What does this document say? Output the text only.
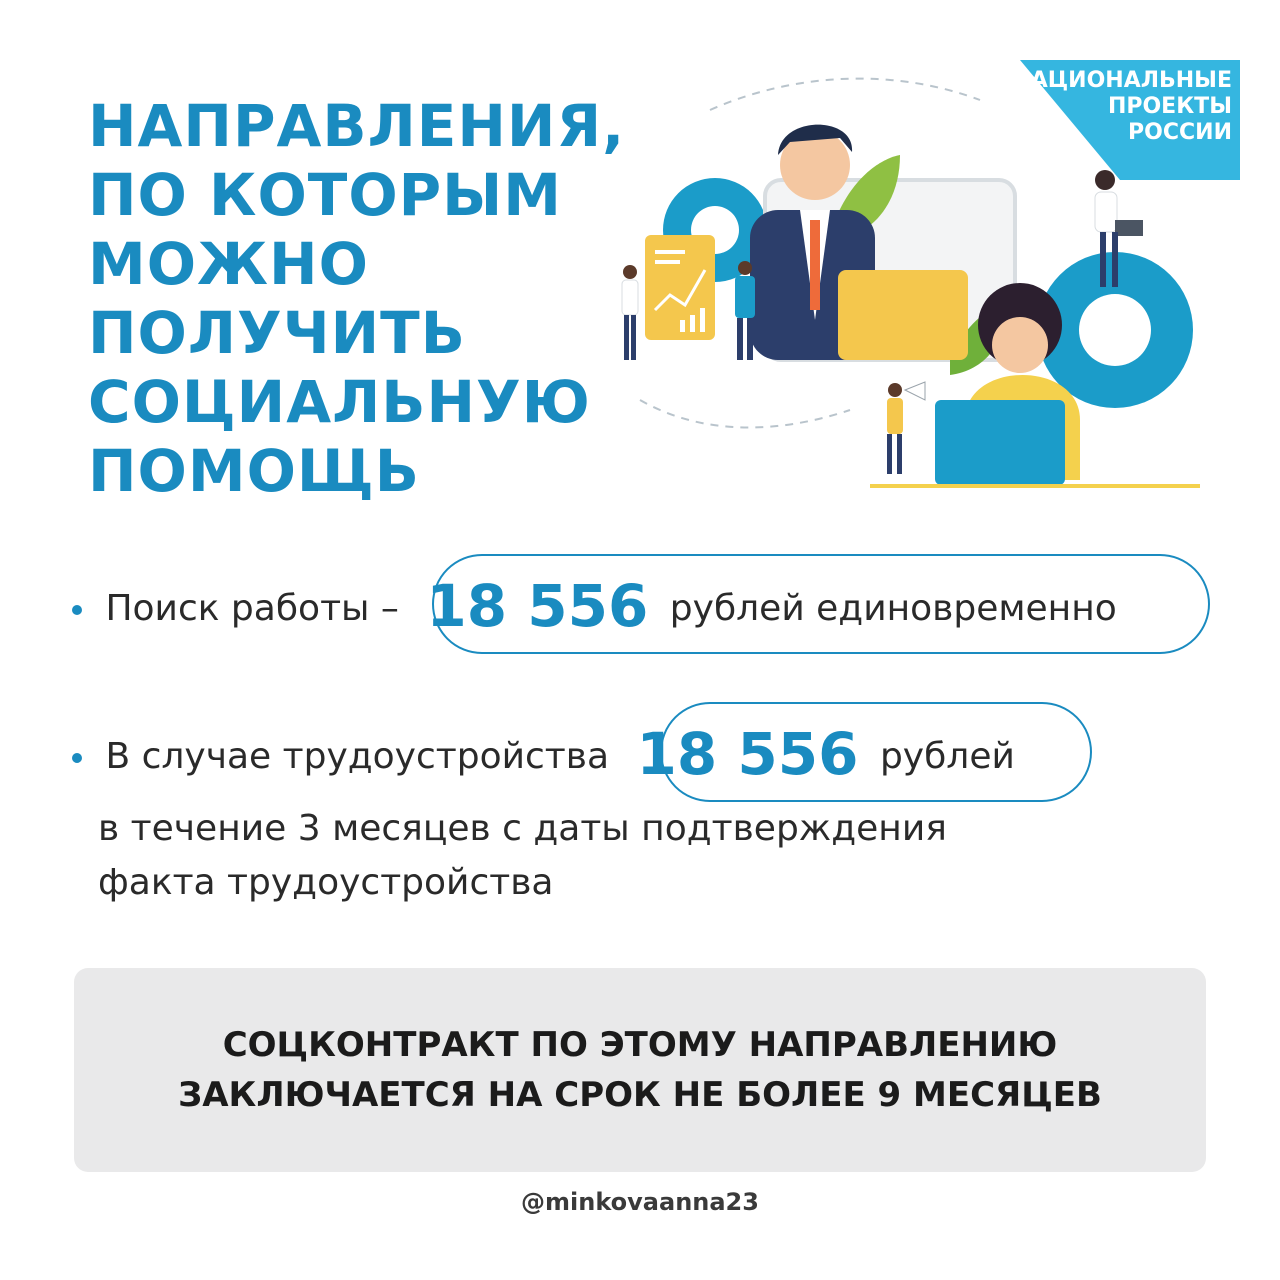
НАПРАВЛЕНИЯ,
ПО КОТОРЫМ
МОЖНО
ПОЛУЧИТЬ
СОЦИАЛЬНУЮ
ПОМОЩЬ
НАЦИОНАЛЬНЫЕ
ПРОЕКТЫ
РОССИИ
Поиск работы – 18 556 рублей единовременно
В случае трудоустройства 18 556 рублей
в течение 3 месяцев с даты подтверждения
факта трудоустройства
СОЦКОНТРАКТ ПО ЭТОМУ НАПРАВЛЕНИЮ
ЗАКЛЮЧАЕТСЯ НА СРОК НЕ БОЛЕЕ 9 МЕСЯЦЕВ
@minkovaanna23
